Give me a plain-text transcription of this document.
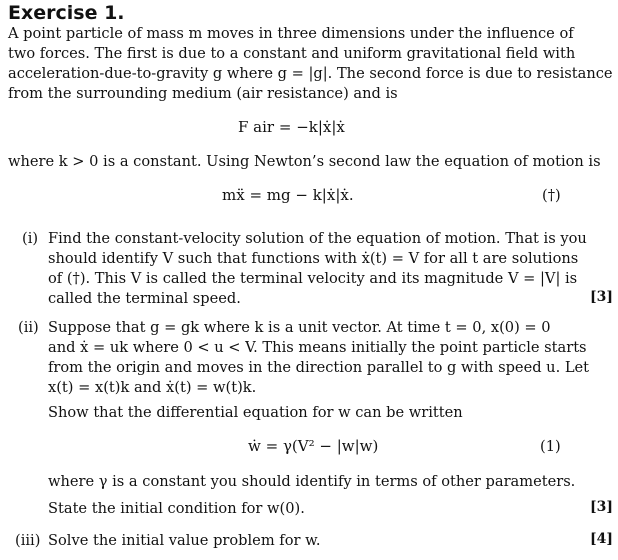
Exercise 1.
A point particle of mass m moves in three dimensions under the influence of
two forces. The first is due to a constant and uniform gravitational field with
acceleration-due-to-gravity g where g = |g|. The second force is due to resistance
from the surrounding medium (air resistance) and is
F air = −k|ẋ|ẋ
where k > 0 is a constant. Using Newton’s second law the equation of motion is
mẍ = mg − k|ẋ|ẋ.	(†)
(i) Find the constant-velocity solution of the equation of motion. That is you
should identify V such that functions with ẋ(t) = V for all t are solutions
of (†). This V is called the terminal velocity and its magnitude V = |V| is
called the terminal speed.	[3]
(ii) Suppose that g = gk where k is a unit vector. At time t = 0, x(0) = 0
and ẋ = uk where 0 < u < V. This means initially the point particle starts
from the origin and moves in the direction parallel to g with speed u. Let
x(t) = x(t)k and ẋ(t) = w(t)k.
Show that the differential equation for w can be written
ẇ = γ(V² − |w|w)	(1)
where γ is a constant you should identify in terms of other parameters.
State the initial condition for w(0).	[3]
(iii) Solve the initial value problem for w.	[4]
